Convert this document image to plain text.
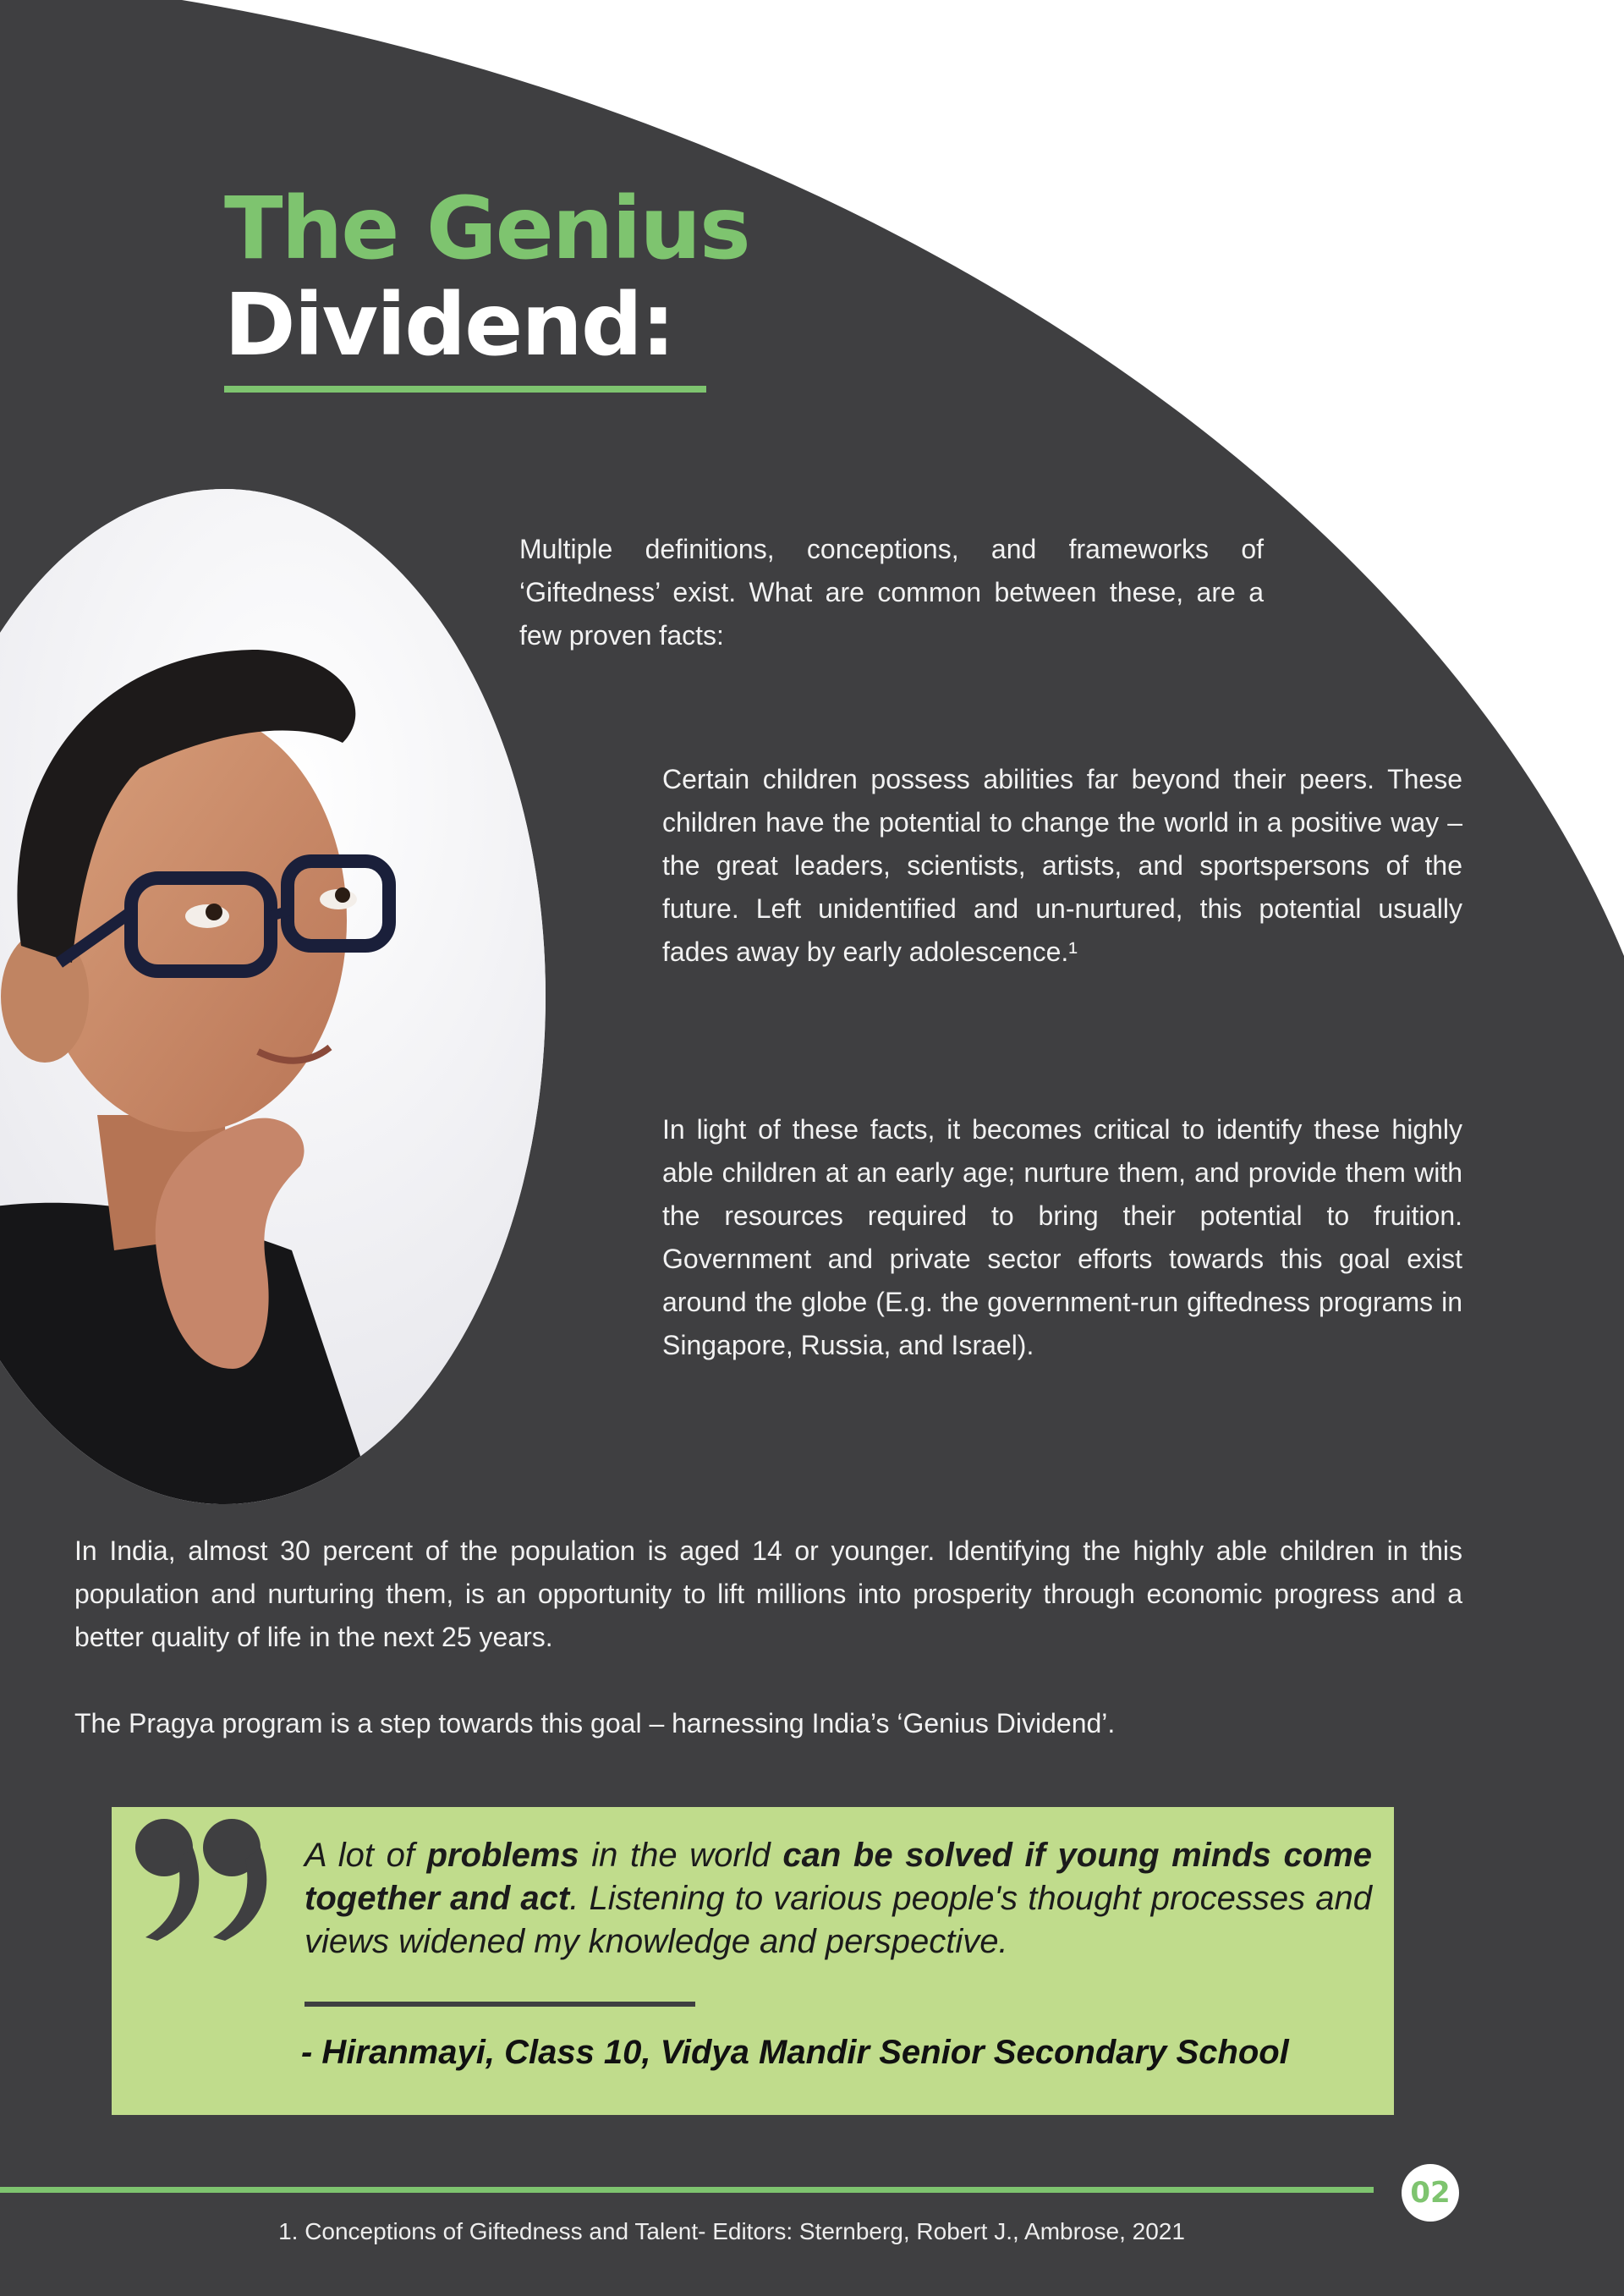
The Genius
Dividend:
Multiple definitions, conceptions, and frameworks of ‘Giftedness’ exist. What are common between these, are a few proven facts:
Certain children possess abilities far beyond their peers. These children have the potential to change the world in a positive way – the great leaders, scientists, artists, and sportspersons of the future. Left unidentified and un-nurtured, this potential usually fades away by early adolescence.¹
In light of these facts, it becomes critical to identify these highly able children at an early age; nurture them, and provide them with the resources required to bring their potential to fruition. Government and private sector efforts towards this goal exist around the globe (E.g. the government-run giftedness programs in Singapore, Russia, and Israel).
In India, almost 30 percent of the population is aged 14 or younger. Identifying the highly able children in this population and nurturing them, is an opportunity to lift millions into prosperity through economic progress and a better quality of life in the next 25 years.
The Pragya program is a step towards this goal – harnessing India’s ‘Genius Dividend’.
A lot of problems in the world can be solved if young minds come together and act. Listening to various people's thought processes and views widened my knowledge and perspective.
- Hiranmayi, Class 10, Vidya Mandir Senior Secondary School
02
1. Conceptions of Giftedness and Talent- Editors: Sternberg, Robert J., Ambrose, 2021
